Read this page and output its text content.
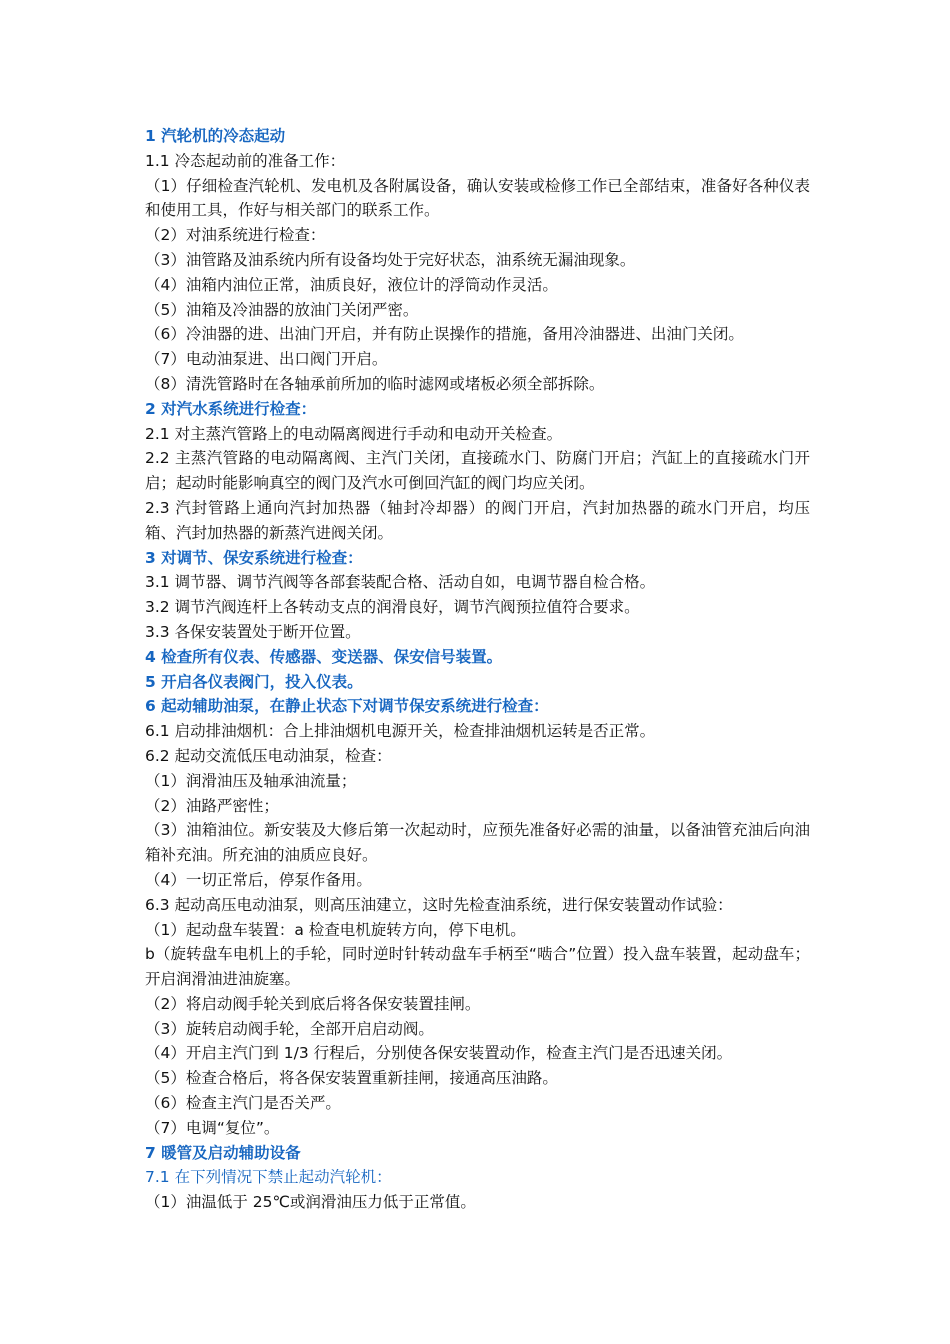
1 汽轮机的冷态起动
1.1 冷态起动前的准备工作：
（1）仔细检查汽轮机、发电机及各附属设备，确认安装或检修工作已全部结束，准备好各种仪表和使用工具，作好与相关部门的联系工作。
（2）对油系统进行检查：
（3）油管路及油系统内所有设备均处于完好状态，油系统无漏油现象。
（4）油箱内油位正常，油质良好，液位计的浮筒动作灵活。
（5）油箱及冷油器的放油门关闭严密。
（6）冷油器的进、出油门开启，并有防止误操作的措施，备用冷油器进、出油门关闭。
（7）电动油泵进、出口阀门开启。
（8）清洗管路时在各轴承前所加的临时滤网或堵板必须全部拆除。
2 对汽水系统进行检查：
2.1 对主蒸汽管路上的电动隔离阀进行手动和电动开关检查。
2.2 主蒸汽管路的电动隔离阀、主汽门关闭，直接疏水门、防腐门开启；汽缸上的直接疏水门开启；起动时能影响真空的阀门及汽水可倒回汽缸的阀门均应关闭。
2.3 汽封管路上通向汽封加热器（轴封冷却器）的阀门开启，汽封加热器的疏水门开启，均压箱、汽封加热器的新蒸汽进阀关闭。
3 对调节、保安系统进行检查：
3.1 调节器、调节汽阀等各部套装配合格、活动自如，电调节器自检合格。
3.2 调节汽阀连杆上各转动支点的润滑良好，调节汽阀预拉值符合要求。
3.3 各保安装置处于断开位置。
4 检查所有仪表、传感器、变送器、保安信号装置。
5 开启各仪表阀门，投入仪表。
6 起动辅助油泵，在静止状态下对调节保安系统进行检查：
6.1 启动排油烟机：合上排油烟机电源开关，检查排油烟机运转是否正常。
6.2 起动交流低压电动油泵，检查：
（1）润滑油压及轴承油流量；
（2）油路严密性；
（3）油箱油位。新安装及大修后第一次起动时，应预先准备好必需的油量，以备油管充油后向油箱补充油。所充油的油质应良好。
（4）一切正常后，停泵作备用。
6.3 起动高压电动油泵，则高压油建立，这时先检查油系统，进行保安装置动作试验：
（1）起动盘车装置：a 检查电机旋转方向，停下电机。
b（旋转盘车电机上的手轮，同时逆时针转动盘车手柄至“啮合”位置）投入盘车装置，起动盘车；开启润滑油进油旋塞。
（2）将启动阀手轮关到底后将各保安装置挂闸。
（3）旋转启动阀手轮，全部开启启动阀。
（4）开启主汽门到 1/3 行程后，分别使各保安装置动作，检查主汽门是否迅速关闭。
（5）检查合格后，将各保安装置重新挂闸，接通高压油路。
（6）检查主汽门是否关严。
（7）电调“复位”。
7 暖管及启动辅助设备
7.1 在下列情况下禁止起动汽轮机：
（1）油温低于 25℃或润滑油压力低于正常值。
